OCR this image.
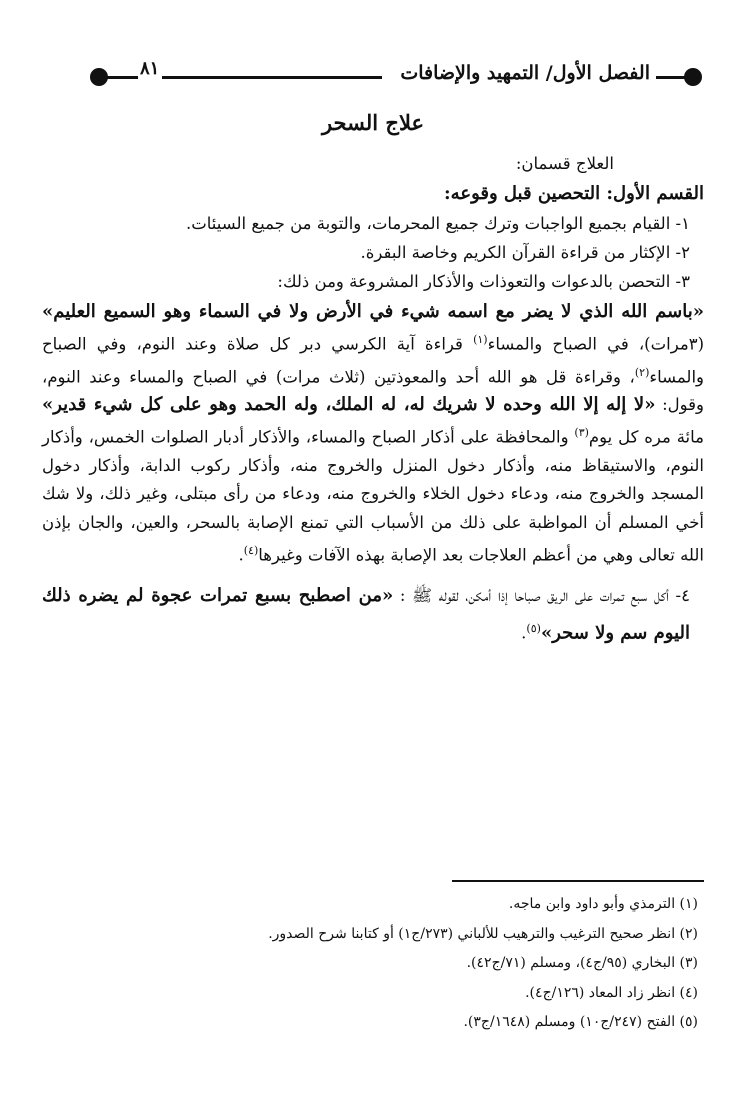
٨١	الفصل الأول/ التمهيد والإضافات
علاج السحر

العلاج قسمان:

القسم الأول: التحصين قبل وقوعه:

١- القيام بجميع الواجبات وترك جميع المحرمات، والتوبة من جميع السيئات.

٢- الإكثار من قراءة القرآن الكريم وخاصة البقرة.

٣- التحصن بالدعوات والتعوذات والأذكار المشروعة ومن ذلك:

«باسم الله الذي لا يضر مع اسمه شيء في الأرض ولا في السماء وهو السميع العليم» (٣مرات)، في الصباح والمساء$^{(١)}$ قراءة آية الكرسي دبر كل صلاة وعند النوم، وفي الصباح والمساء$^{(٢)}$، وقراءة قل هو الله أحد والمعوذتين (ثلاث مرات) في الصباح والمساء وعند النوم، وقول: «لا إله إلا الله وحده لا شريك له، له الملك، وله الحمد وهو على كل شيء قدير» مائة مره كل يوم$^{(٣)}$ والمحافظة على أذكار الصباح والمساء، والأذكار أدبار الصلوات الخمس، وأذكار النوم، والاستيقاظ منه، وأذكار دخول المنزل والخروج منه، وأذكار ركوب الدابة، وأذكار دخول المسجد والخروج منه، ودعاء دخول الخلاء والخروج منه، ودعاء من رأى مبتلى، وغير ذلك، ولا شك أخي المسلم أن المواظبة على ذلك من الأسباب التي تمنع الإصابة بالسحر، والعين، والجان بإذن الله تعالى وهي من أعظم العلاجات بعد الإصابة بهذه الآفات وغيرها$^{(٤)}$.

٤- أكل سبع تمرات على الريق صباحا إذا أمكن، لقوله ﷺ : «من اصطبح بسبع تمرات عجوة لم يضره ذلك اليوم سم ولا سحر»$^{(٥)}$.

(١) الترمذي وأبو داود وابن ماجه.

(٢) انظر صحيح الترغيب والترهيب للألباني (٢٧٣/ج١) أو كتابنا شرح الصدور.

(٣) البخاري (٩٥/ج٤)، ومسلم (٧١/ج٤٢).

(٤) انظر زاد المعاد (١٢٦/ج٤).

(٥) الفتح (٢٤٧/ج١٠) ومسلم (١٦٤٨/ج٣).
